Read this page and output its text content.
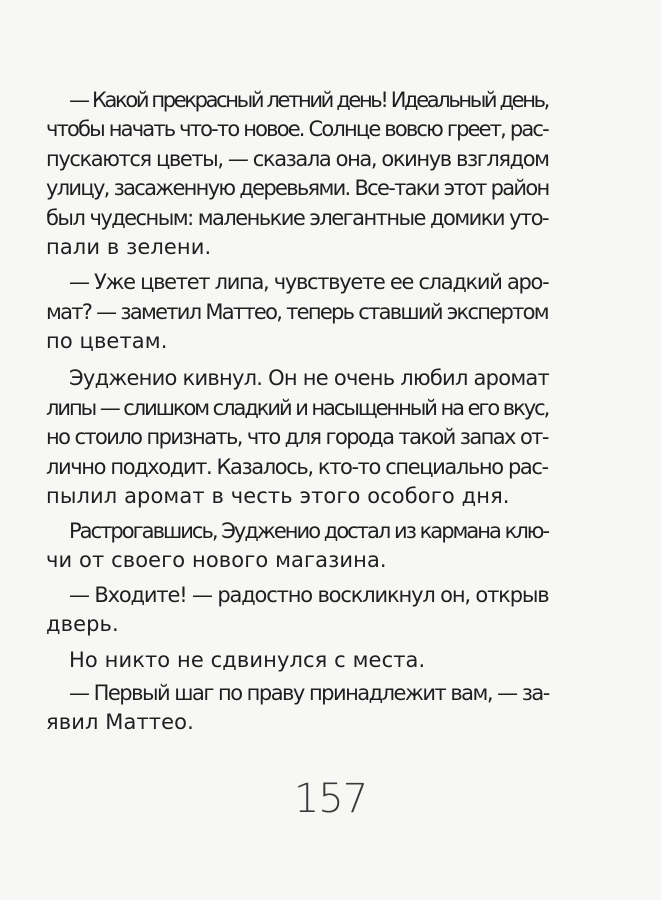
— Какой прекрасный летний день! Идеальный день,
чтобы начать что-то новое. Солнце вовсю греет, рас-
пускаются цветы, — сказала она, окинув взглядом
улицу, засаженную деревьями. Все-таки этот район
был чудесным: маленькие элегантные домики уто-
пали в зелени.
— Уже цветет липа, чувствуете ее сладкий аро-
мат? — заметил Маттео, теперь ставший экспертом
по цветам.
Эудженио кивнул. Он не очень любил аромат
липы — слишком сладкий и насыщенный на его вкус,
но стоило признать, что для города такой запах от-
лично подходит. Казалось, кто-то специально рас-
пылил аромат в честь этого особого дня.
Растрогавшись, Эудженио достал из кармана клю-
чи от своего нового магазина.
— Входите! — радостно воскликнул он, открыв
дверь.
Но никто не сдвинулся с места.
— Первый шаг по праву принадлежит вам, — за-
явил Маттео.
157
